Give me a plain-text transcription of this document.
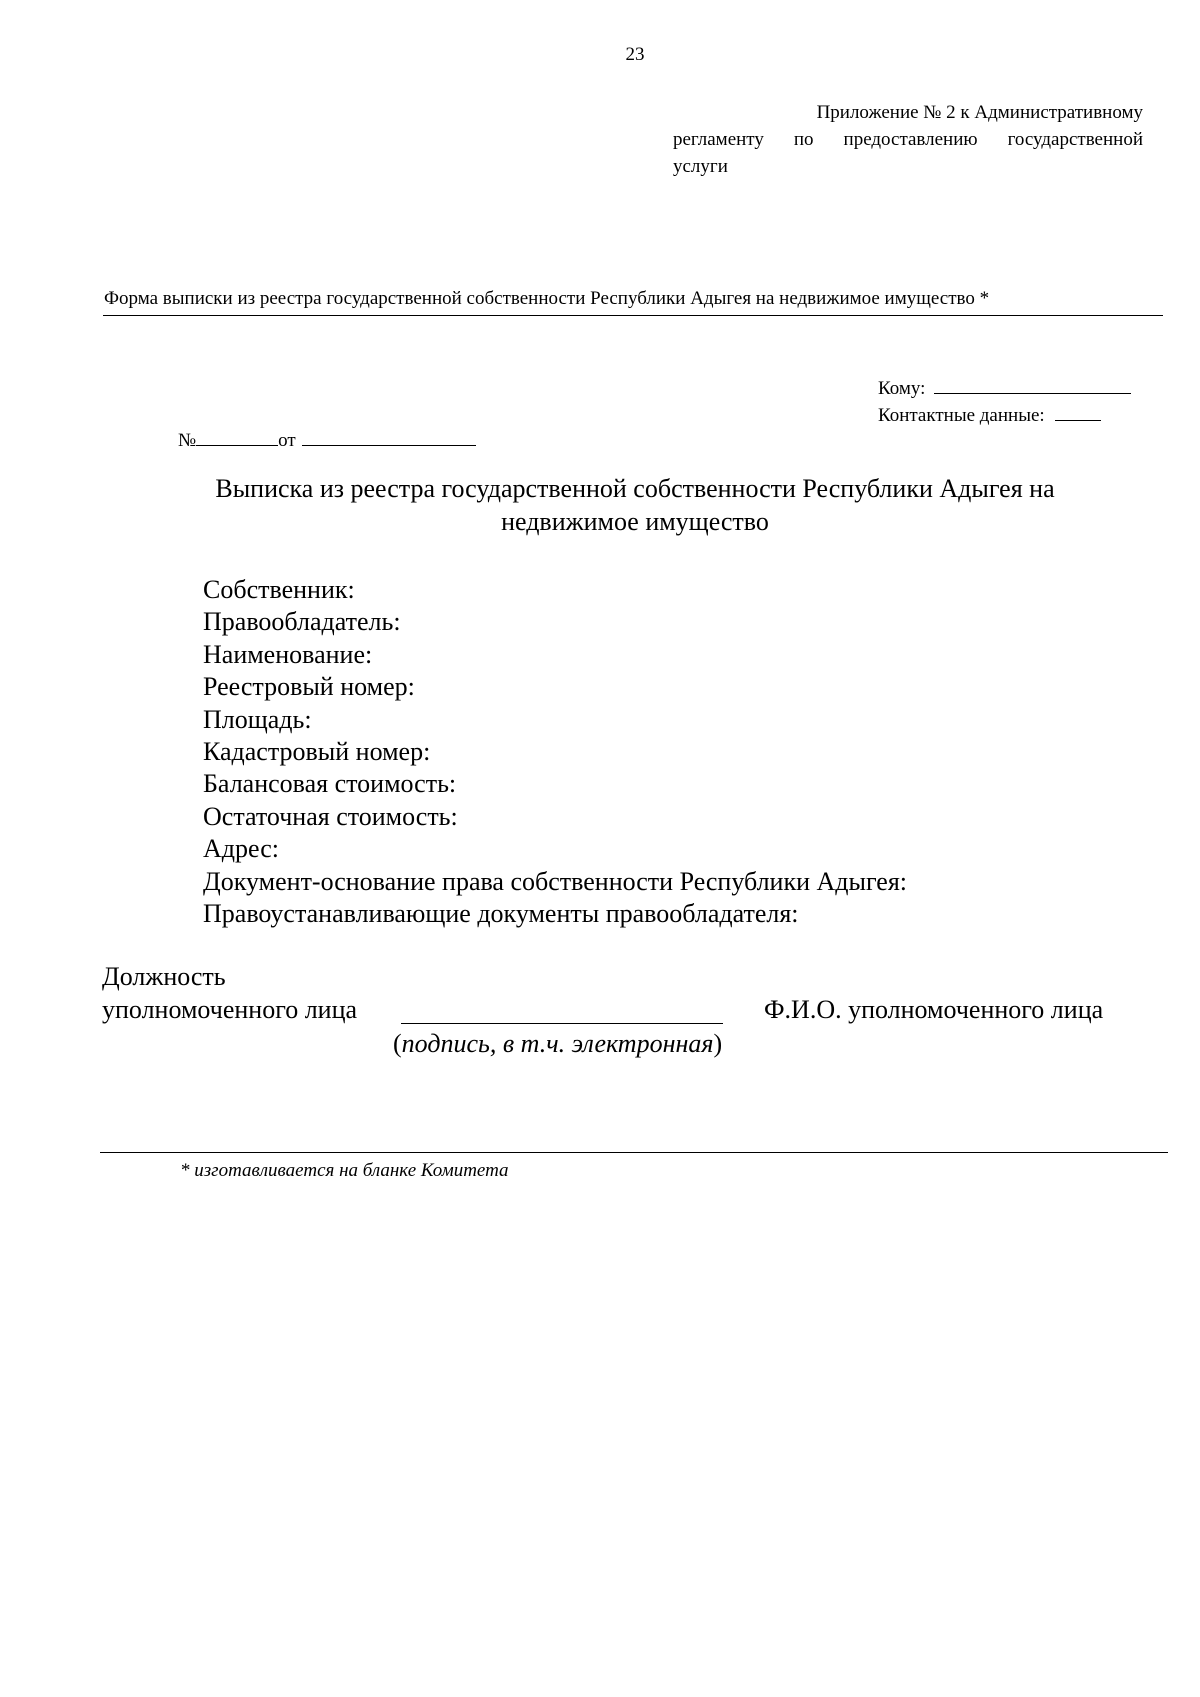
23
Приложение № 2 к Административному
регламенту по предоставлению государственной
услуги
Форма выписки из реестра государственной собственности Республики Адыгея на недвижимое имущество *
Кому:
Контактные данные:
№	от
Выписка из реестра государственной собственности Республики Адыгея на
недвижимое имущество
Собственник:
Правообладатель:
Наименование:
Реестровый номер:
Площадь:
Кадастровый номер:
Балансовая стоимость:
Остаточная стоимость:
Адрес:
Документ-основание права собственности Республики Адыгея:
Правоустанавливающие документы правообладателя:
Должность
уполномоченного лица	Ф.И.О. уполномоченного лица
(подпись, в т.ч. электронная)
* изготавливается на бланке Комитета
